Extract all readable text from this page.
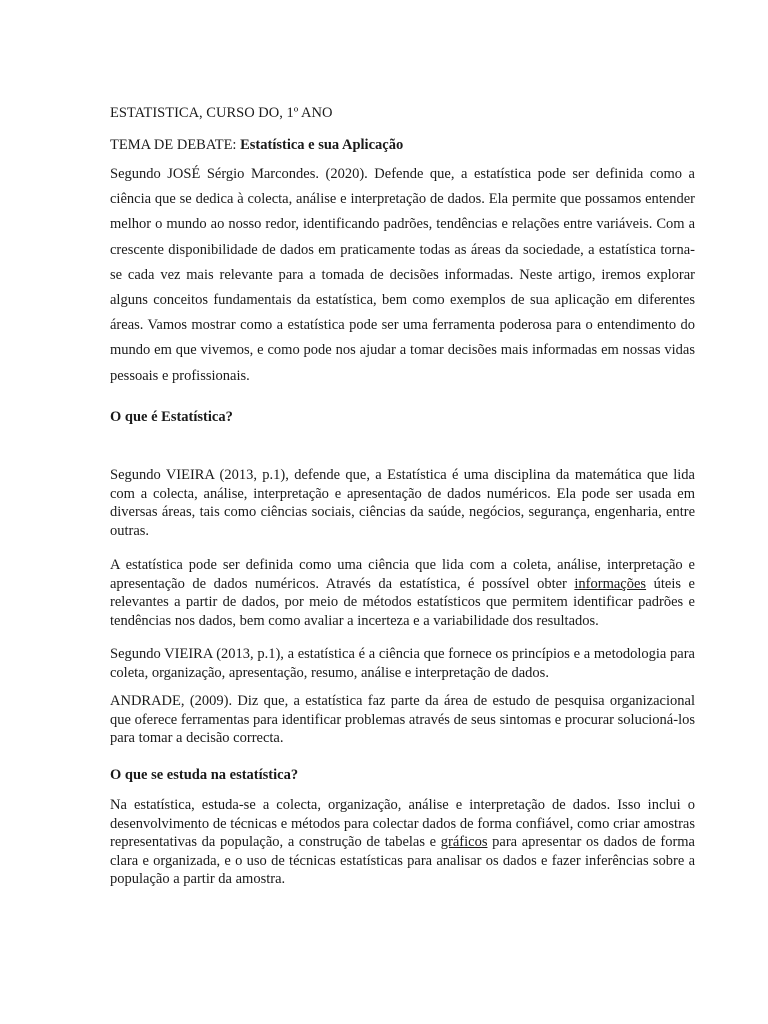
ESTATISTICA, CURSO DO, 1º ANO

TEMA DE DEBATE: Estatística e sua Aplicação

Segundo JOSÉ Sérgio Marcondes. (2020). Defende que, a estatística pode ser definida como a ciência que se dedica à colecta, análise e interpretação de dados. Ela permite que possamos entender melhor o mundo ao nosso redor, identificando padrões, tendências e relações entre variáveis. Com a crescente disponibilidade de dados em praticamente todas as áreas da sociedade, a estatística torna-se cada vez mais relevante para a tomada de decisões informadas. Neste artigo, iremos explorar alguns conceitos fundamentais da estatística, bem como exemplos de sua aplicação em diferentes áreas. Vamos mostrar como a estatística pode ser uma ferramenta poderosa para o entendimento do mundo em que vivemos, e como pode nos ajudar a tomar decisões mais informadas em nossas vidas pessoais e profissionais.

O que é Estatística?

Segundo VIEIRA (2013, p.1), defende que, a Estatística é uma disciplina da matemática que lida com a colecta, análise, interpretação e apresentação de dados numéricos. Ela pode ser usada em diversas áreas, tais como ciências sociais, ciências da saúde, negócios, segurança, engenharia, entre outras.

A estatística pode ser definida como uma ciência que lida com a coleta, análise, interpretação e apresentação de dados numéricos. Através da estatística, é possível obter informações úteis e relevantes a partir de dados, por meio de métodos estatísticos que permitem identificar padrões e tendências nos dados, bem como avaliar a incerteza e a variabilidade dos resultados.

Segundo VIEIRA (2013, p.1), a estatística é a ciência que fornece os princípios e a metodologia para coleta, organização, apresentação, resumo, análise e interpretação de dados.

ANDRADE, (2009). Diz que, a estatística faz parte da área de estudo de pesquisa organizacional que oferece ferramentas para identificar problemas através de seus sintomas e procurar solucioná-los para tomar a decisão correcta.

O que se estuda na estatística?

Na estatística, estuda-se a colecta, organização, análise e interpretação de dados. Isso inclui o desenvolvimento de técnicas e métodos para colectar dados de forma confiável, como criar amostras representativas da população, a construção de tabelas e gráficos para apresentar os dados de forma clara e organizada, e o uso de técnicas estatísticas para analisar os dados e fazer inferências sobre a população a partir da amostra.
